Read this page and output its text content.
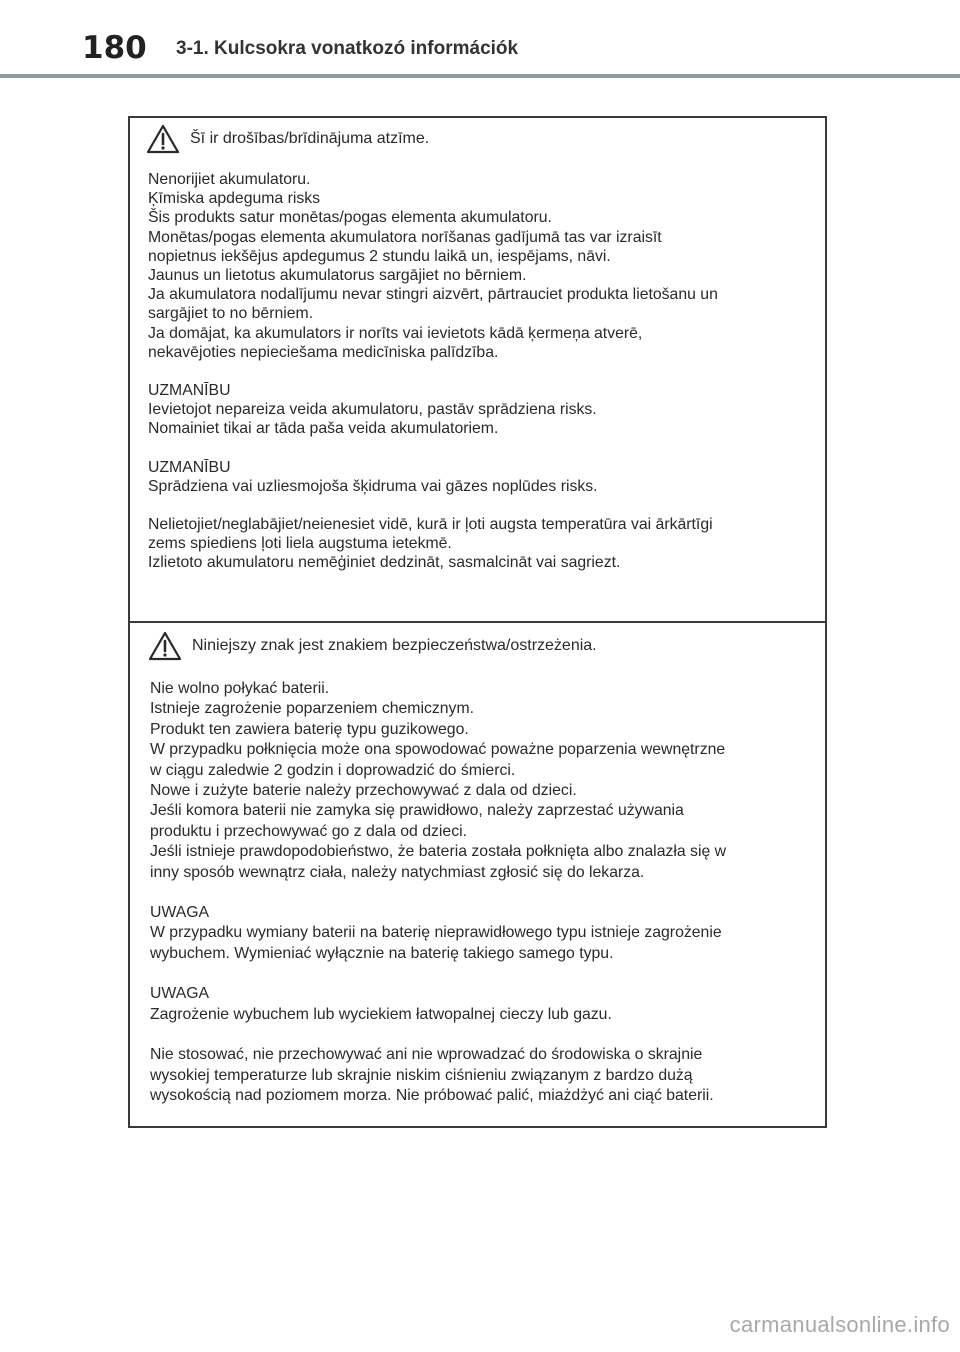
180 3-1. Kulcsokra vonatkozó információk
Šī ir drošības/brīdinājuma atzīme.
Nenorijiet akumulatoru.
Ķīmiska apdeguma risks
Šis produkts satur monētas/pogas elementa akumulatoru.
Monētas/pogas elementa akumulatora norīšanas gadījumā tas var izraisīt
nopietnus iekšējus apdegumus 2 stundu laikā un, iespējams, nāvi.
Jaunus un lietotus akumulatorus sargājiet no bērniem.
Ja akumulatora nodalījumu nevar stingri aizvērt, pārtrauciet produkta lietošanu un
sargājiet to no bērniem.
Ja domājat, ka akumulators ir norīts vai ievietots kādā ķermeņa atverē,
nekavējoties nepieciešama medicīniska palīdzība.
UZMANĪBU
Ievietojot nepareiza veida akumulatoru, pastāv sprādziena risks.
Nomainiet tikai ar tāda paša veida akumulatoriem.
UZMANĪBU
Sprādziena vai uzliesmojoša šķidruma vai gāzes noplūdes risks.
Nelietojiet/neglabājiet/neienesiet vidē, kurā ir ļoti augsta temperatūra vai ārkārtīgi
zems spiediens ļoti liela augstuma ietekmē.
Izlietoto akumulatoru nemēģiniet dedzināt, sasmalcināt vai sagriezt.
Niniejszy znak jest znakiem bezpieczeństwa/ostrzeżenia.
Nie wolno połykać baterii.
Istnieje zagrożenie poparzeniem chemicznym.
Produkt ten zawiera baterię typu guzikowego.
W przypadku połknięcia może ona spowodować poważne poparzenia wewnętrzne
w ciągu zaledwie 2 godzin i doprowadzić do śmierci.
Nowe i zużyte baterie należy przechowywać z dala od dzieci.
Jeśli komora baterii nie zamyka się prawidłowo, należy zaprzestać używania
produktu i przechowywać go z dala od dzieci.
Jeśli istnieje prawdopodobieństwo, że bateria została połknięta albo znalazła się w
inny sposób wewnątrz ciała, należy natychmiast zgłosić się do lekarza.
UWAGA
W przypadku wymiany baterii na baterię nieprawidłowego typu istnieje zagrożenie
wybuchem. Wymieniać wyłącznie na baterię takiego samego typu.
UWAGA
Zagrożenie wybuchem lub wyciekiem łatwopalnej cieczy lub gazu.
Nie stosować, nie przechowywać ani nie wprowadzać do środowiska o skrajnie
wysokiej temperaturze lub skrajnie niskim ciśnieniu związanym z bardzo dużą
wysokością nad poziomem morza. Nie próbować palić, miażdżyć ani ciąć baterii.
carmanualsonline.info
